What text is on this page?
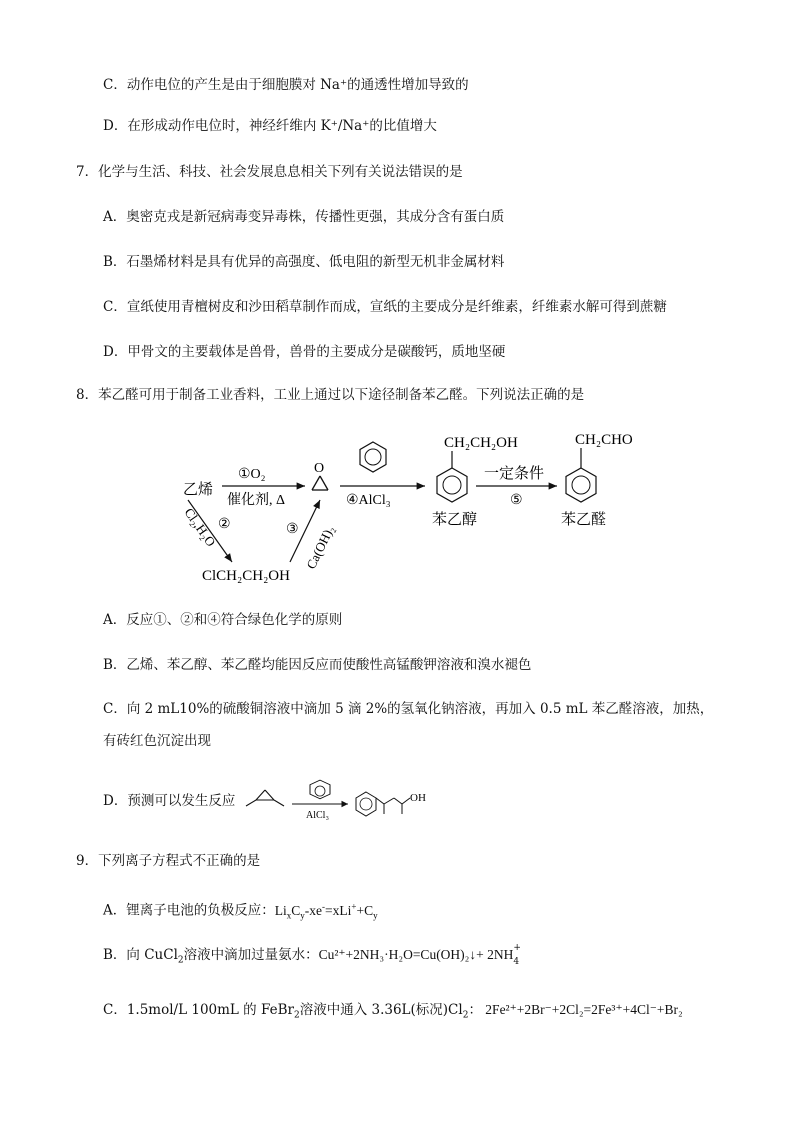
C．动作电位的产生是由于细胞膜对 Na⁺的通透性增加导致的
D．在形成动作电位时，神经纤维内 K⁺/Na⁺的比值增大
7．化学与生活、科技、社会发展息息相关下列有关说法错误的是
A．奥密克戎是新冠病毒变异毒株，传播性更强，其成分含有蛋白质
B．石墨烯材料是具有优异的高强度、低电阻的新型无机非金属材料
C．宣纸使用青檀树皮和沙田稻草制作而成，宣纸的主要成分是纤维素，纤维素水解可得到蔗糖
D．甲骨文的主要载体是兽骨，兽骨的主要成分是碳酸钙，质地坚硬
8．苯乙醛可用于制备工业香料，工业上通过以下途径制备苯乙醛。下列说法正确的是
乙烯
①O₂
催化剂, Δ
O
④AlCl₃
CH₂CH₂OH
苯乙醇
一定条件
⑤
CH₂CHO
苯乙醛
Cl₂,H₂O ②
ClCH₂CH₂OH
③ Ca(OH)₂
A．反应①、②和④符合绿色化学的原则
B．乙烯、苯乙醇、苯乙醛均能因反应而使酸性高锰酸钾溶液和溴水褪色
C．向 2 mL10%的硫酸铜溶液中滴加 5 滴 2%的氢氧化钠溶液，再加入 0.5 mL 苯乙醛溶液，加热，
有砖红色沉淀出现
D．预测可以发生反应
AlCl₃
OH
9．下列离子方程式不正确的是
A．锂离子电池的负极反应：$Li_xC_y-xe^-=xLi^++C_y$
B．向 CuCl$_2$溶液中滴加过量氨水：Cu²⁺+2NH₃·H₂O=Cu(OH)₂↓+ 2NH 4
+
C．1.5mol/L 100mL 的 FeBr$_2$溶液中通入 3.36L(标况)$Cl_2$： 2Fe²⁺+2Br⁻+2Cl₂=2Fe³⁺+4Cl⁻+Br₂
